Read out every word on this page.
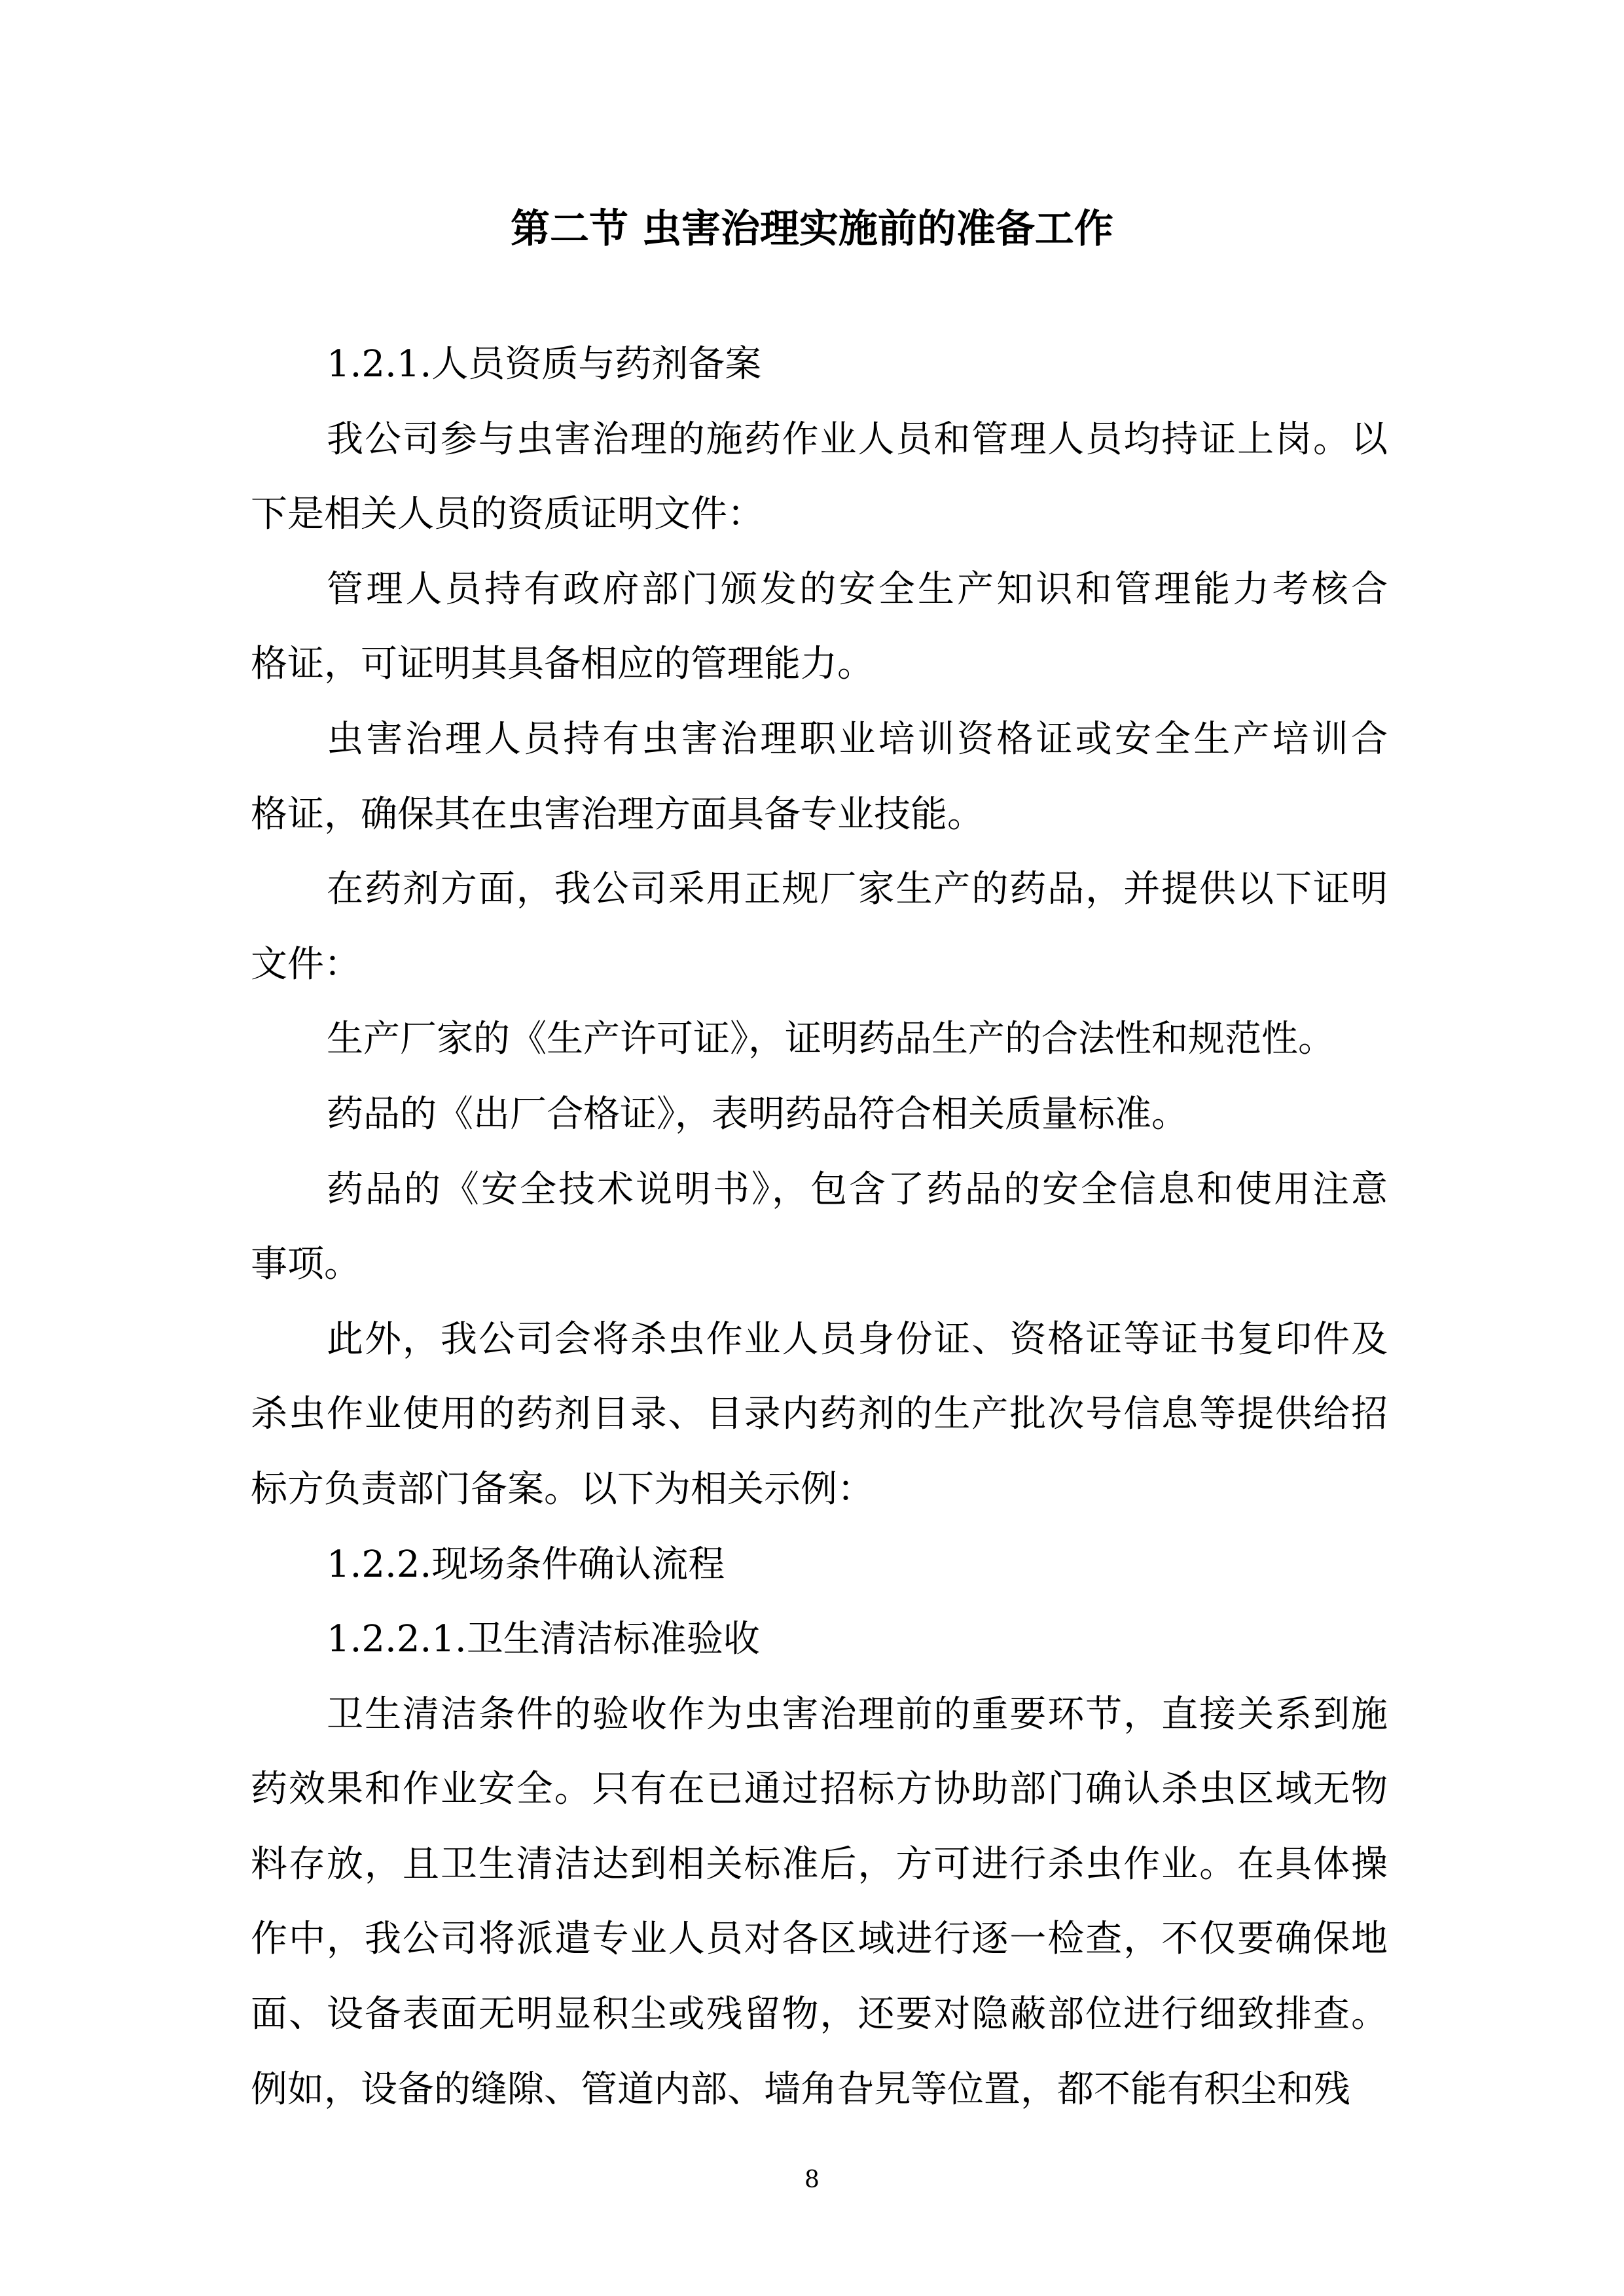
第二节 虫害治理实施前的准备工作
1.2.1.人员资质与药剂备案
我公司参与虫害治理的施药作业人员和管理人员均持证上岗。以
下是相关人员的资质证明文件：
管理人员持有政府部门颁发的安全生产知识和管理能力考核合
格证，可证明其具备相应的管理能力。
虫害治理人员持有虫害治理职业培训资格证或安全生产培训合
格证，确保其在虫害治理方面具备专业技能。
在药剂方面，我公司采用正规厂家生产的药品，并提供以下证明
文件：
生产厂家的《生产许可证》，证明药品生产的合法性和规范性。
药品的《出厂合格证》，表明药品符合相关质量标准。
药品的《安全技术说明书》，包含了药品的安全信息和使用注意
事项。
此外，我公司会将杀虫作业人员身份证、资格证等证书复印件及
杀虫作业使用的药剂目录、目录内药剂的生产批次号信息等提供给招
标方负责部门备案。以下为相关示例：
1.2.2.现场条件确认流程
1.2.2.1.卫生清洁标准验收
卫生清洁条件的验收作为虫害治理前的重要环节，直接关系到施
药效果和作业安全。只有在已通过招标方协助部门确认杀虫区域无物
料存放，且卫生清洁达到相关标准后，方可进行杀虫作业。在具体操
作中，我公司将派遣专业人员对各区域进行逐一检查，不仅要确保地
面、设备表面无明显积尘或残留物，还要对隐蔽部位进行细致排查。
例如，设备的缝隙、管道内部、墙角旮旯等位置，都不能有积尘和残
8
